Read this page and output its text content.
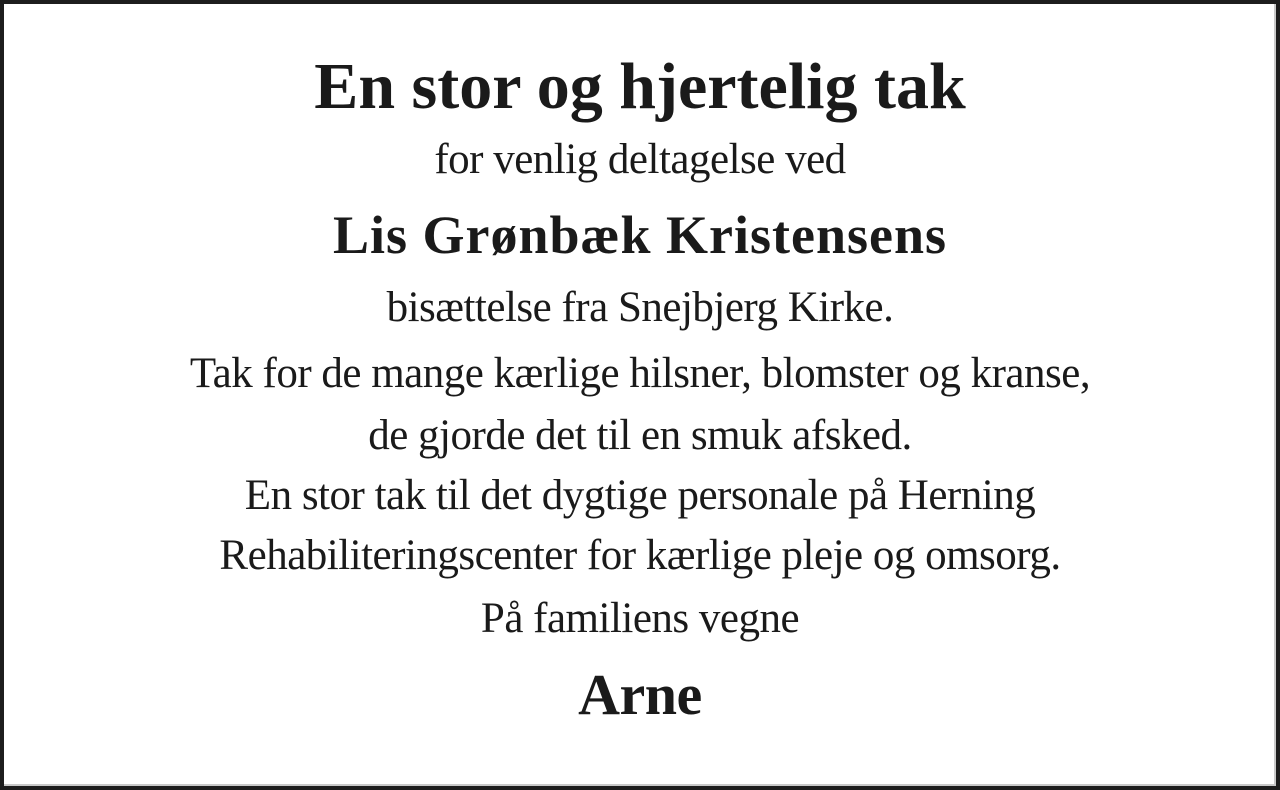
En stor og hjertelig tak
for venlig deltagelse ved
Lis Grønbæk Kristensens
bisættelse fra Snejbjerg Kirke.
Tak for de mange kærlige hilsner, blomster og kranse,
de gjorde det til en smuk afsked.
En stor tak til det dygtige personale på Herning
Rehabiliteringscenter for kærlige pleje og omsorg.
På familiens vegne
Arne
